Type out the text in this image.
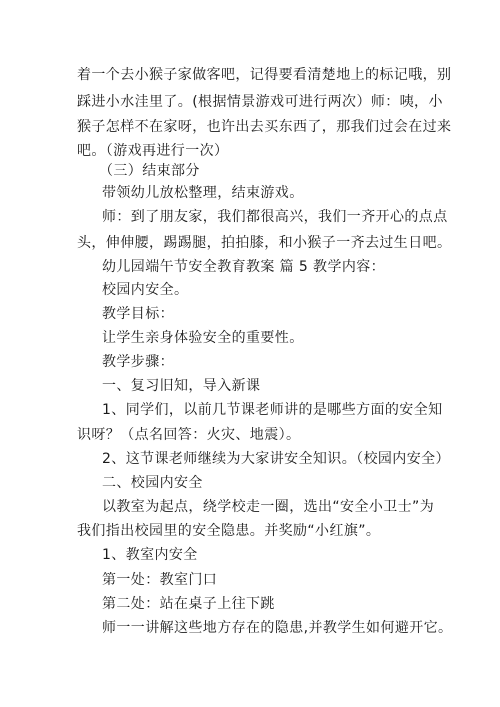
着一个去小猴子家做客吧，记得要看清楚地上的标记哦，别
踩进小水洼里了。(根据情景游戏可进行两次）师：咦，小
猴子怎样不在家呀，也许出去买东西了，那我们过会在过来
吧。（游戏再进行一次）
（三）结束部分
带领幼儿放松整理，结束游戏。
师：到了朋友家，我们都很高兴，我们一齐开心的点点
头，伸伸腰，踢踢腿，拍拍膝，和小猴子一齐去过生日吧。
幼儿园端午节安全教育教案 篇 5 教学内容：
校园内安全。
教学目标：
让学生亲身体验安全的重要性。
教学步骤：
一、复习旧知，导入新课
1、同学们，以前几节课老师讲的是哪些方面的安全知
识呀？（点名回答：火灾、地震）。
2、这节课老师继续为大家讲安全知识。（校园内安全）
二、校园内安全
以教室为起点，绕学校走一圈，选出“安全小卫士”为
我们指出校园里的安全隐患。并奖励“小红旗”。
1、教室内安全
第一处：教室门口
第二处：站在桌子上往下跳
师一一讲解这些地方存在的隐患,并教学生如何避开它。
